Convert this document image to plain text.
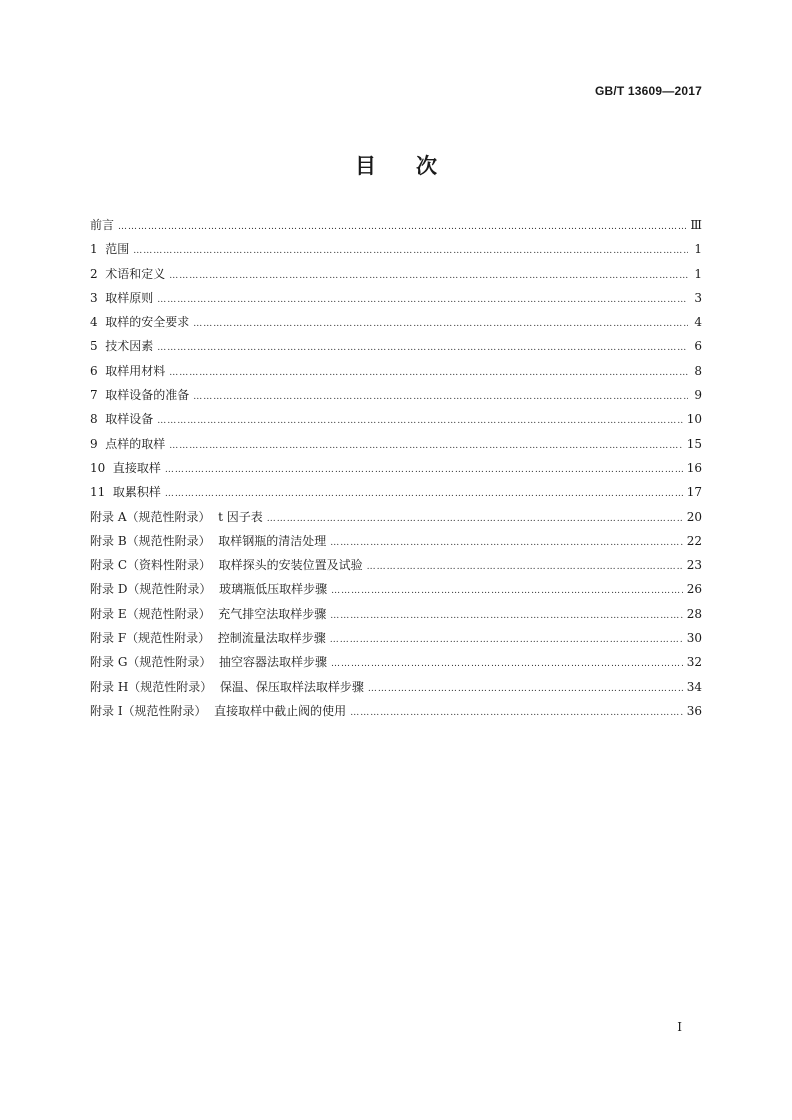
GB/T 13609—2017
目 次
前言 …………………………………………………………………………………………………………………………………………………………………………………………………………………………	Ⅲ
1  范围 …………………………………………………………………………………………………………………………………………………………………………………………………………………………	1
2  术语和定义 …………………………………………………………………………………………………………………………………………………………………………………………………………………………	1
3  取样原则 …………………………………………………………………………………………………………………………………………………………………………………………………………………………	3
4  取样的安全要求 …………………………………………………………………………………………………………………………………………………………………………………………………………………………	4
5  技术因素 …………………………………………………………………………………………………………………………………………………………………………………………………………………………	6
6  取样用材料 …………………………………………………………………………………………………………………………………………………………………………………………………………………………	8
7  取样设备的准备 …………………………………………………………………………………………………………………………………………………………………………………………………………………………	9
8  取样设备 …………………………………………………………………………………………………………………………………………………………………………………………………………………………	10
9  点样的取样 …………………………………………………………………………………………………………………………………………………………………………………………………………………………	15
10  直接取样 …………………………………………………………………………………………………………………………………………………………………………………………………………………………	16
11  取累积样 …………………………………………………………………………………………………………………………………………………………………………………………………………………………	17
附录 A（规范性附录）  t 因子表 …………………………………………………………………………………………………………………………………………………………………………………………………………………………	20
附录 B（规范性附录）  取样钢瓶的清洁处理 …………………………………………………………………………………………………………………………………………………………………………………………………………………………	22
附录 C（资料性附录）  取样探头的安装位置及试验 …………………………………………………………………………………………………………………………………………………………………………………………………………………………	23
附录 D（规范性附录）  玻璃瓶低压取样步骤 …………………………………………………………………………………………………………………………………………………………………………………………………………………………	26
附录 E（规范性附录）  充气排空法取样步骤 …………………………………………………………………………………………………………………………………………………………………………………………………………………………	28
附录 F（规范性附录）  控制流量法取样步骤 …………………………………………………………………………………………………………………………………………………………………………………………………………………………	30
附录 G（规范性附录）  抽空容器法取样步骤 …………………………………………………………………………………………………………………………………………………………………………………………………………………………	32
附录 H（规范性附录）  保温、保压取样法取样步骤 …………………………………………………………………………………………………………………………………………………………………………………………………………………………	34
附录 I（规范性附录）  直接取样中截止阀的使用 …………………………………………………………………………………………………………………………………………………………………………………………………………………………	36
I
